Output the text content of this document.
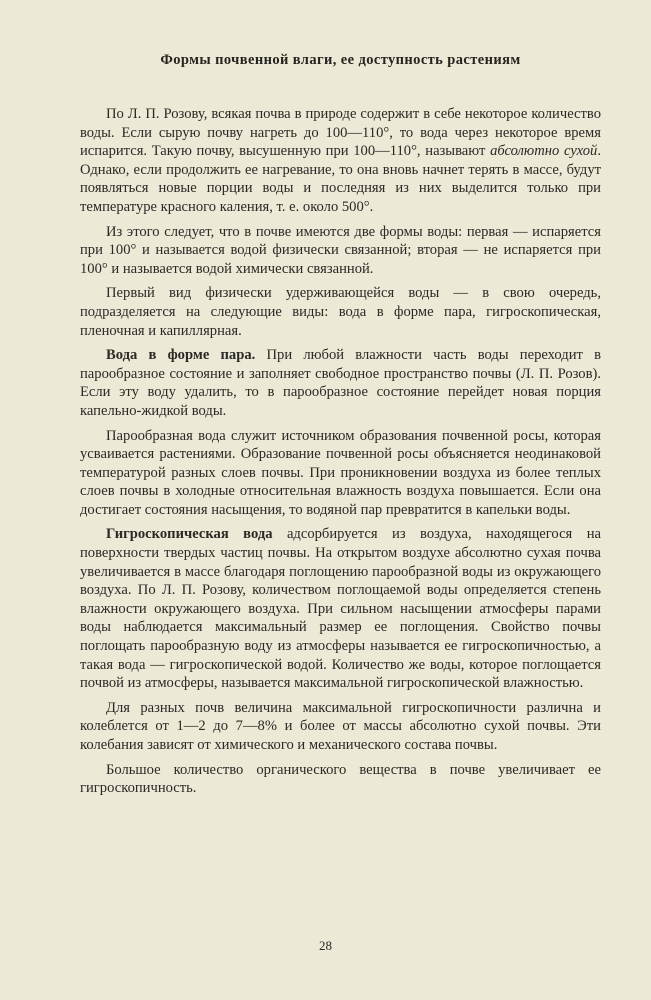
Формы почвенной влаги, ее доступность растениям

По Л. П. Розову, всякая почва в природе содержит в себе некоторое количество воды. Если сырую почву нагреть до 100—110°, то вода через некоторое время испарится. Такую почву, высушенную при 100—110°, называют абсолютно сухой. Однако, если продолжить ее нагревание, то она вновь начнет терять в массе, будут появляться новые порции воды и последняя из них выделится только при температуре красного каления, т. е. около 500°.

Из этого следует, что в почве имеются две формы воды: первая — испаряется при 100° и называется водой физически связанной; вторая — не испаряется при 100° и называется водой химически связанной.

Первый вид физически удерживающейся воды — в свою очередь, подразделяется на следующие виды: вода в форме пара, гигроскопическая, пленочная и капиллярная.

Вода в форме пара. При любой влажности часть воды переходит в парообразное состояние и заполняет свободное пространство почвы (Л. П. Розов). Если эту воду удалить, то в парообразное состояние перейдет новая порция капельно-жидкой воды.

Парообразная вода служит источником образования почвенной росы, которая усваивается растениями. Образование почвенной росы объясняется неодинаковой температурой разных слоев почвы. При проникновении воздуха из более теплых слоев почвы в холодные относительная влажность воздуха повышается. Если она достигает состояния насыщения, то водяной пар превратится в капельки воды.

Гигроскопическая вода адсорбируется из воздуха, находящегося на поверхности твердых частиц почвы. На открытом воздухе абсолютно сухая почва увеличивается в массе благодаря поглощению парообразной воды из окружающего воздуха. По Л. П. Розову, количеством поглощаемой воды определяется степень влажности окружающего воздуха. При сильном насыщении атмосферы парами воды наблюдается максимальный размер ее поглощения. Свойство почвы поглощать парообразную воду из атмосферы называется ее гигроскопичностью, а такая вода — гигроскопической водой. Количество же воды, которое поглощается почвой из атмосферы, называется максимальной гигроскопической влажностью.

Для разных почв величина максимальной гигроскопичности различна и колеблется от 1—2 до 7—8% и более от массы абсолютно сухой почвы. Эти колебания зависят от химического и механического состава почвы.

Большое количество органического вещества в почве увеличивает ее гигроскопичность.

28
